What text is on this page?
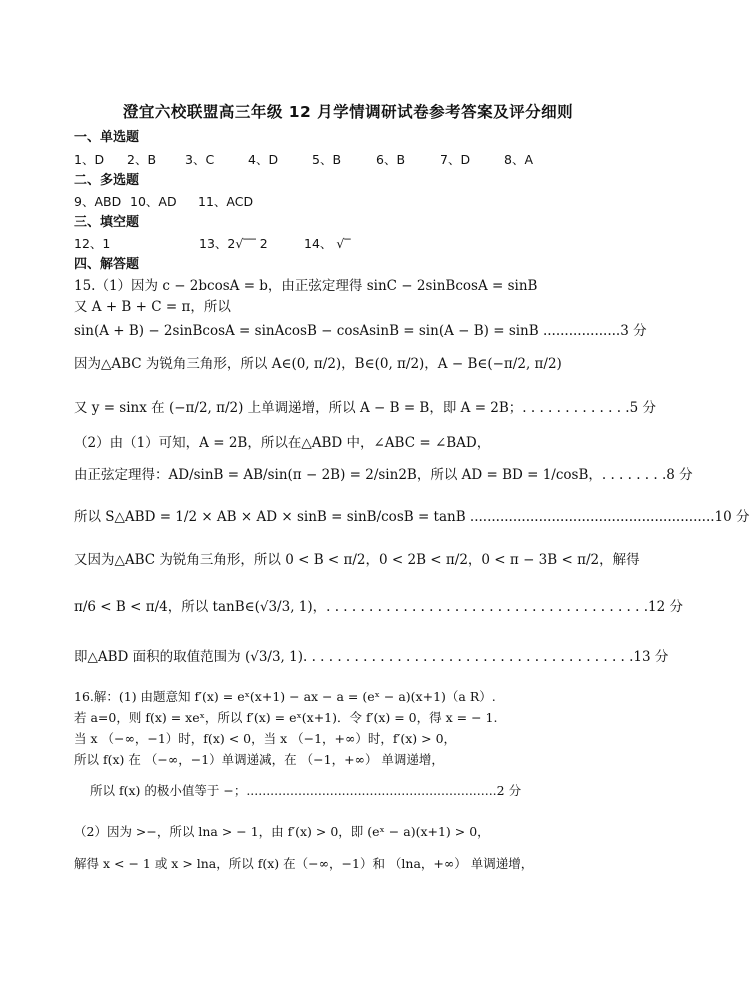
澄宜六校联盟高三年级 12 月学情调研试卷参考答案及评分细则
一、单选题
1、D 2、B 3、C	4、D	5、B	6、B	7、D	8、A
二、多选题
9、ABD 10、AD 11、ACD
三、填空题
12、1	13、2√‾‾ 2	14、 √‾
四、解答题
15.（1）因为 c − 2bcosA = b，由正弦定理得 sinC − 2sinBcosA = sinB
又 A + B + C = π，所以
sin(A + B) − 2sinBcosA = sinAcosB − cosAsinB = sin(A − B) = sinB ..................3 分
因为△ABC 为锐角三角形，所以 A∈(0, π/2)，B∈(0, π/2)，A − B∈(−π/2, π/2)
又 y = sinx 在 (−π/2, π/2) 上单调递增，所以 A − B = B，即 A = 2B；. . . . . . . . . . . . .5 分
（2）由（1）可知，A = 2B，所以在△ABD 中，∠ABC = ∠BAD，
由正弦定理得：AD/sinB = AB/sin(π − 2B) = 2/sin2B，所以 AD = BD = 1/cosB，. . . . . . . .8 分
所以 S△ABD = 1/2 × AB × AD × sinB = sinB/cosB = tanB .........................................................10 分
又因为△ABC 为锐角三角形，所以 0 < B < π/2，0 < 2B < π/2，0 < π − 3B < π/2，解得
π/6 < B < π/4，所以 tanB∈(√3/3, 1)，. . . . . . . . . . . . . . . . . . . . . . . . . . . . . . . . . . . . . .12 分
即△ABD 面积的取值范围为 (√3/3, 1). . . . . . . . . . . . . . . . . . . . . . . . . . . . . . . . . . . . . . .13 分
16.解：(1) 由题意知 f′(x) = eˣ(x+1) − ax − a = (eˣ − a)(x+1)（a R）.
若 a=0，则 f(x) = xeˣ，所以 f′(x) = eˣ(x+1)．令 f′(x) = 0，得 x = − 1.
当 x （−∞，−1）时，f(x) < 0，当 x （−1，+∞）时，f′(x) > 0，
所以 f(x) 在 （−∞，−1）单调递减，在 （−1，+∞） 单调递增，
所以 f(x) 的极小值等于 −；...............................................................2 分
（2）因为 >−，所以 lna > − 1，由 f′(x) > 0，即 (eˣ − a)(x+1) > 0，
解得 x < − 1 或 x > lna，所以 f(x) 在（−∞，−1）和 （lna，+∞） 单调递增，
